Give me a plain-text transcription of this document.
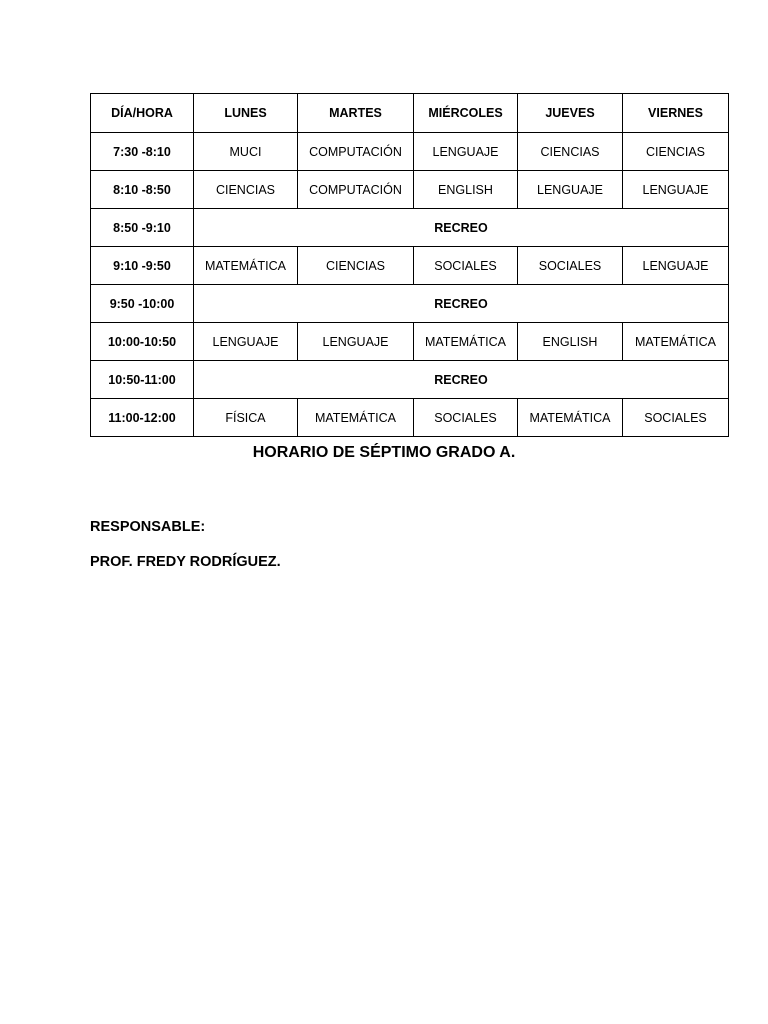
DÍA/HORA	LUNES	MARTES	MIÉRCOLES	JUEVES	VIERNES
7:30 -8:10	MUCI	COMPUTACIÓN	LENGUAJE	CIENCIAS	CIENCIAS
8:10 -8:50	CIENCIAS	COMPUTACIÓN	ENGLISH	LENGUAJE	LENGUAJE
8:50 -9:10	RECREO				
9:10 -9:50	MATEMÁTICA	CIENCIAS	SOCIALES	SOCIALES	LENGUAJE
9:50 -10:00	RECREO				
10:00-10:50	LENGUAJE	LENGUAJE	MATEMÁTICA	ENGLISH	MATEMÁTICA
10:50-11:00	RECREO				
11:00-12:00	FÍSICA	MATEMÁTICA	SOCIALES	MATEMÁTICA	SOCIALES
HORARIO DE SÉPTIMO GRADO A.
RESPONSABLE:
PROF. FREDY RODRÍGUEZ.
